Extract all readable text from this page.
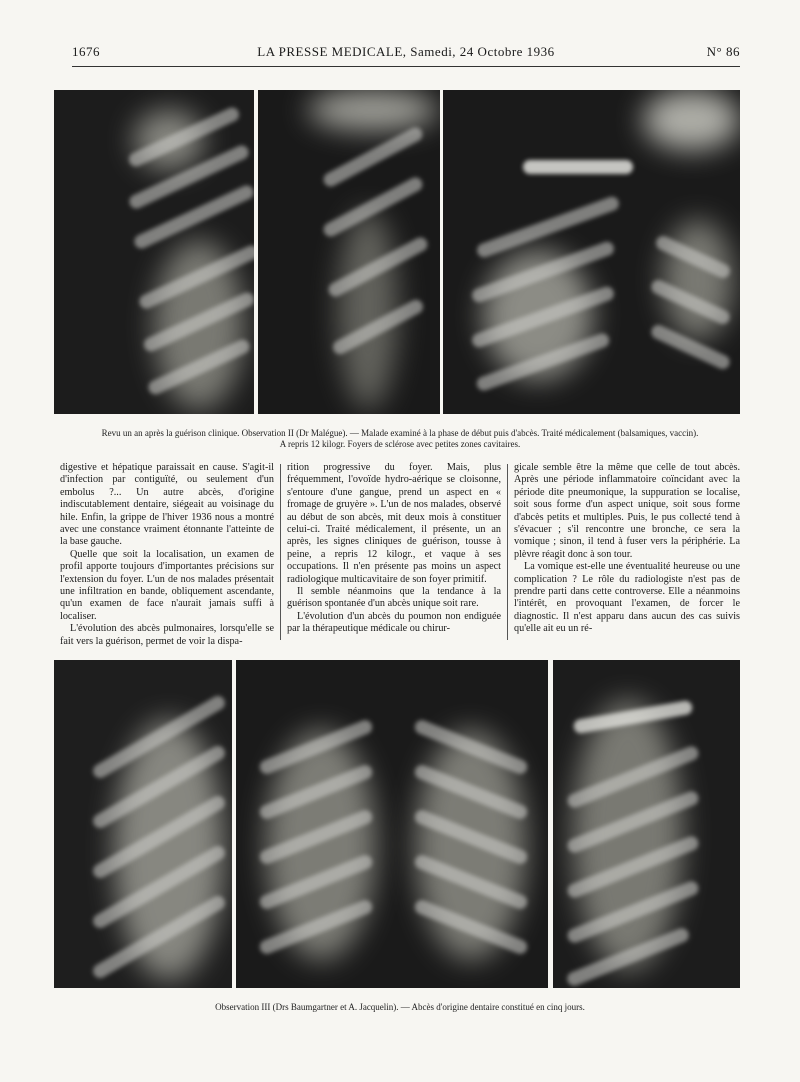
1676	LA PRESSE MEDICALE, Samedi, 24 Octobre 1936	N° 86
Revu un an après la guérison clinique. Observation II (Dr Malégue). — Malade examiné à la phase de début puis d'abcès. Traité médicalement (balsamiques, vaccin).
A repris 12 kilogr. Foyers de sclérose avec petites zones cavitaires.

digestive et hépatique paraissait en cause. S'agit-il d'infection par contiguïté, ou seulement d'un embolus ?... Un autre abcès, d'origine indiscutablement dentaire, siégeait au voisinage du hile. Enfin, la grippe de l'hiver 1936 nous a montré avec une constance vraiment étonnante l'atteinte de la base gauche.

Quelle que soit la localisation, un examen de profil apporte toujours d'importantes précisions sur l'extension du foyer. L'un de nos malades présentait une infiltration en bande, obliquement ascendante, qu'un examen de face n'aurait jamais suffi à localiser.

L'évolution des abcès pulmonaires, lorsqu'elle se fait vers la guérison, permet de voir la dispa-

rition progressive du foyer. Mais, plus fréquemment, l'ovoïde hydro-aérique se cloisonne, s'entoure d'une gangue, prend un aspect en « fromage de gruyère ». L'un de nos malades, observé au début de son abcès, mit deux mois à constituer celui-ci. Traité médicalement, il présente, un an après, les signes cliniques de guérison, tousse à peine, a repris 12 kilogr., et vaque à ses occupations. Il n'en présente pas moins un aspect radiologique multicavitaire de son foyer primitif.

Il semble néanmoins que la tendance à la guérison spontanée d'un abcès unique soit rare.

L'évolution d'un abcès du poumon non endiguée par la thérapeutique médicale ou chirur-

gicale semble être la même que celle de tout abcès. Après une période inflammatoire coïncidant avec la période dite pneumonique, la suppuration se localise, soit sous forme d'un aspect unique, soit sous forme d'abcès petits et multiples. Puis, le pus collecté tend à s'évacuer ; s'il rencontre une bronche, ce sera la vomique ; sinon, il tend à fuser vers la périphérie. La plèvre réagit donc à son tour.

La vomique est-elle une éventualité heureuse ou une complication ? Le rôle du radiologiste n'est pas de prendre parti dans cette controverse. Elle a néanmoins l'intérêt, en provoquant l'examen, de forcer le diagnostic. Il n'est apparu dans aucun des cas suivis qu'elle ait eu un ré-

Observation III (Drs Baumgartner et A. Jacquelin). — Abcès d'origine dentaire constitué en cinq jours.
